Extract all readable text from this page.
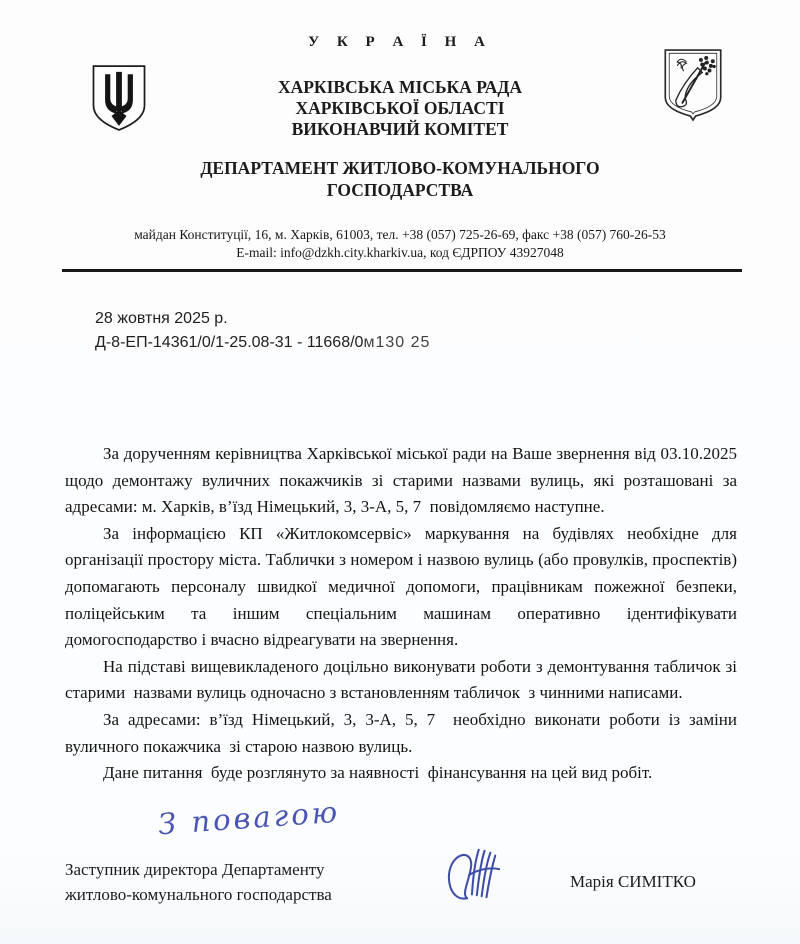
У К Р А Ї Н А
ХАРКІВСЬКА МІСЬКА РАДА
ХАРКІВСЬКОЇ ОБЛАСТІ
ВИКОНАВЧИЙ КОМІТЕТ
ДЕПАРТАМЕНТ ЖИТЛОВО-КОМУНАЛЬНОГО
ГОСПОДАРСТВА
майдан Конституції, 16, м. Харків, 61003, тел. +38 (057) 725-26-69, факс +38 (057) 760-26-53
E-mail: info@dzkh.city.kharkiv.ua, код ЄДРПОУ 43927048
28 жовтня 2025 р.
Д-8-ЕП-14361/0/1-25.08-31 - 11668/0м130 25

За дорученням керівництва Харківської міської ради на Ваше звернення від 03.10.2025 щодо демонтажу вуличних покажчиків зі старими назвами вулиць, які розташовані за адресами: м. Харків, в’їзд Німецький, 3, 3-А, 5, 7  повідомляємо наступне.

За інформацією КП «Житлокомсервіс» маркування на будівлях необхідне для організації простору міста. Таблички з номером і назвою вулиць (або провулків, проспектів)   допомагають персоналу швидкої медичної допомоги, працівникам пожежної безпеки,  поліцейським та іншим спеціальним машинам оперативно ідентифікувати домогосподарство і вчасно відреагувати на звернення.

На підставі вищевикладеного доцільно виконувати роботи з демонтування табличок зі старими  назвами вулиць одночасно з встановленням табличок  з чинними написами.

За адресами: в’їзд Німецький, 3, 3-А, 5, 7  необхідно виконати роботи із заміни вуличного покажчика  зі старою назвою вулиць.

Дане питання  буде розглянуто за наявності  фінансування на цей вид робіт.

З повагою
Заступник директора Департаменту
житлово-комунального господарства
Марія СИМІТКО
